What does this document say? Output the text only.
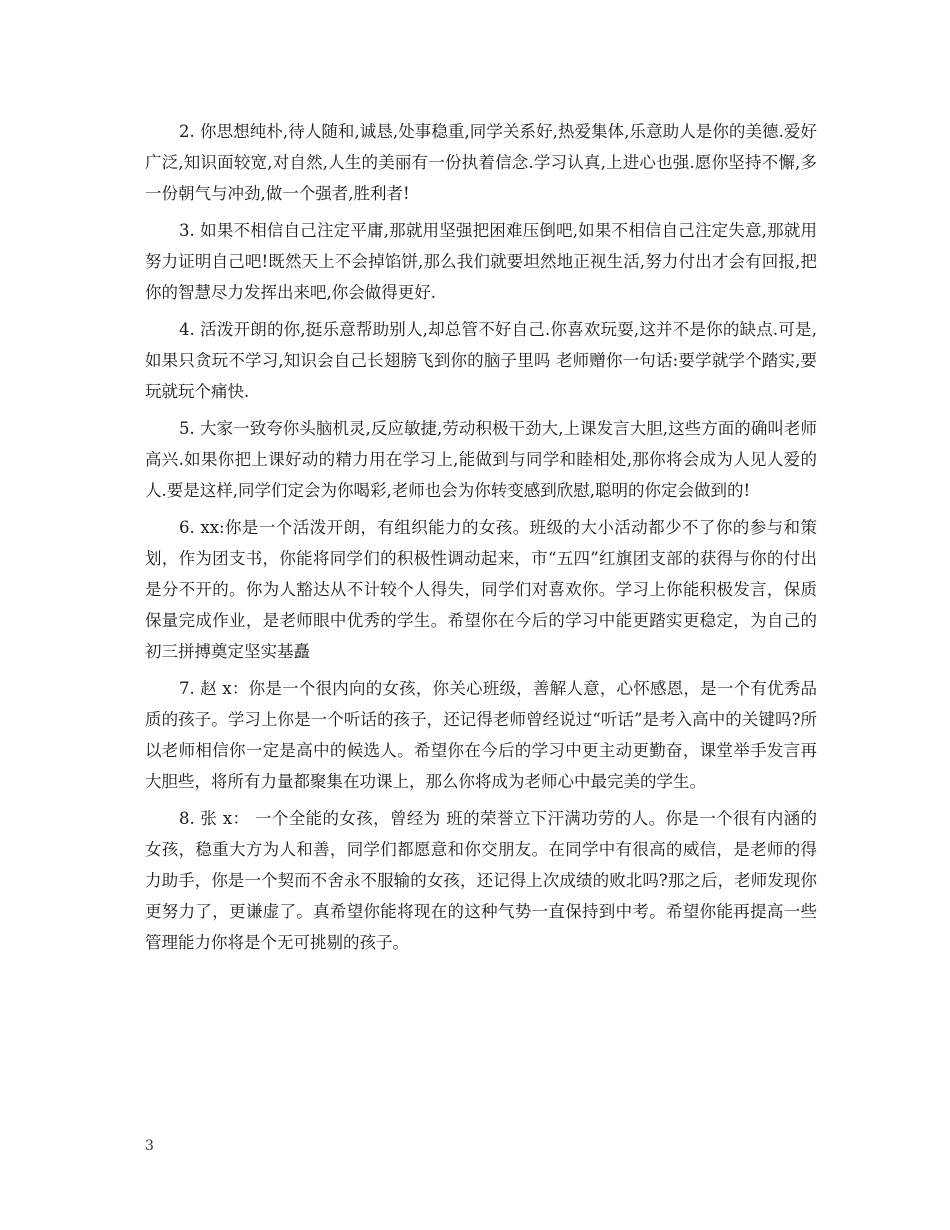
2. 你思想纯朴,待人随和,诚恳,处事稳重,同学关系好,热爱集体,乐意助人是你的美德.爱好广泛,知识面较宽,对自然,人生的美丽有一份执着信念.学习认真,上进心也强.愿你坚持不懈,多一份朝气与冲劲,做一个强者,胜利者!

3. 如果不相信自己注定平庸,那就用坚强把困难压倒吧,如果不相信自己注定失意,那就用努力证明自己吧!既然天上不会掉馅饼,那么我们就要坦然地正视生活,努力付出才会有回报,把你的智慧尽力发挥出来吧,你会做得更好.

4. 活泼开朗的你,挺乐意帮助别人,却总管不好自己.你喜欢玩耍,这并不是你的缺点.可是,如果只贪玩不学习,知识会自己长翅膀飞到你的脑子里吗 老师赠你一句话:要学就学个踏实,要玩就玩个痛快.

5. 大家一致夸你头脑机灵,反应敏捷,劳动积极干劲大,上课发言大胆,这些方面的确叫老师高兴.如果你把上课好动的精力用在学习上,能做到与同学和睦相处,那你将会成为人见人爱的人.要是这样,同学们定会为你喝彩,老师也会为你转变感到欣慰,聪明的你定会做到的!

6. xx:你是一个活泼开朗，有组织能力的女孩。班级的大小活动都少不了你的参与和策划，作为团支书，你能将同学们的积极性调动起来，市“五四”红旗团支部的获得与你的付出是分不开的。你为人豁达从不计较个人得失，同学们对喜欢你。学习上你能积极发言，保质保量完成作业，是老师眼中优秀的学生。希望你在今后的学习中能更踏实更稳定，为自己的初三拼搏奠定坚实基矗

7. 赵 x：你是一个很内向的女孩，你关心班级，善解人意，心怀感恩，是一个有优秀品质的孩子。学习上你是一个听话的孩子，还记得老师曾经说过“听话”是考入高中的关键吗?所以老师相信你一定是高中的候选人。希望你在今后的学习中更主动更勤奋，课堂举手发言再大胆些，将所有力量都聚集在功课上，那么你将成为老师心中最完美的学生。

8. 张 x： 一个全能的女孩，曾经为 班的荣誉立下汗满功劳的人。你是一个很有内涵的女孩，稳重大方为人和善，同学们都愿意和你交朋友。在同学中有很高的威信，是老师的得力助手，你是一个契而不舍永不服输的女孩，还记得上次成绩的败北吗?那之后，老师发现你更努力了，更谦虚了。真希望你能将现在的这种气势一直保持到中考。希望你能再提高一些管理能力你将是个无可挑剔的孩子。

3
